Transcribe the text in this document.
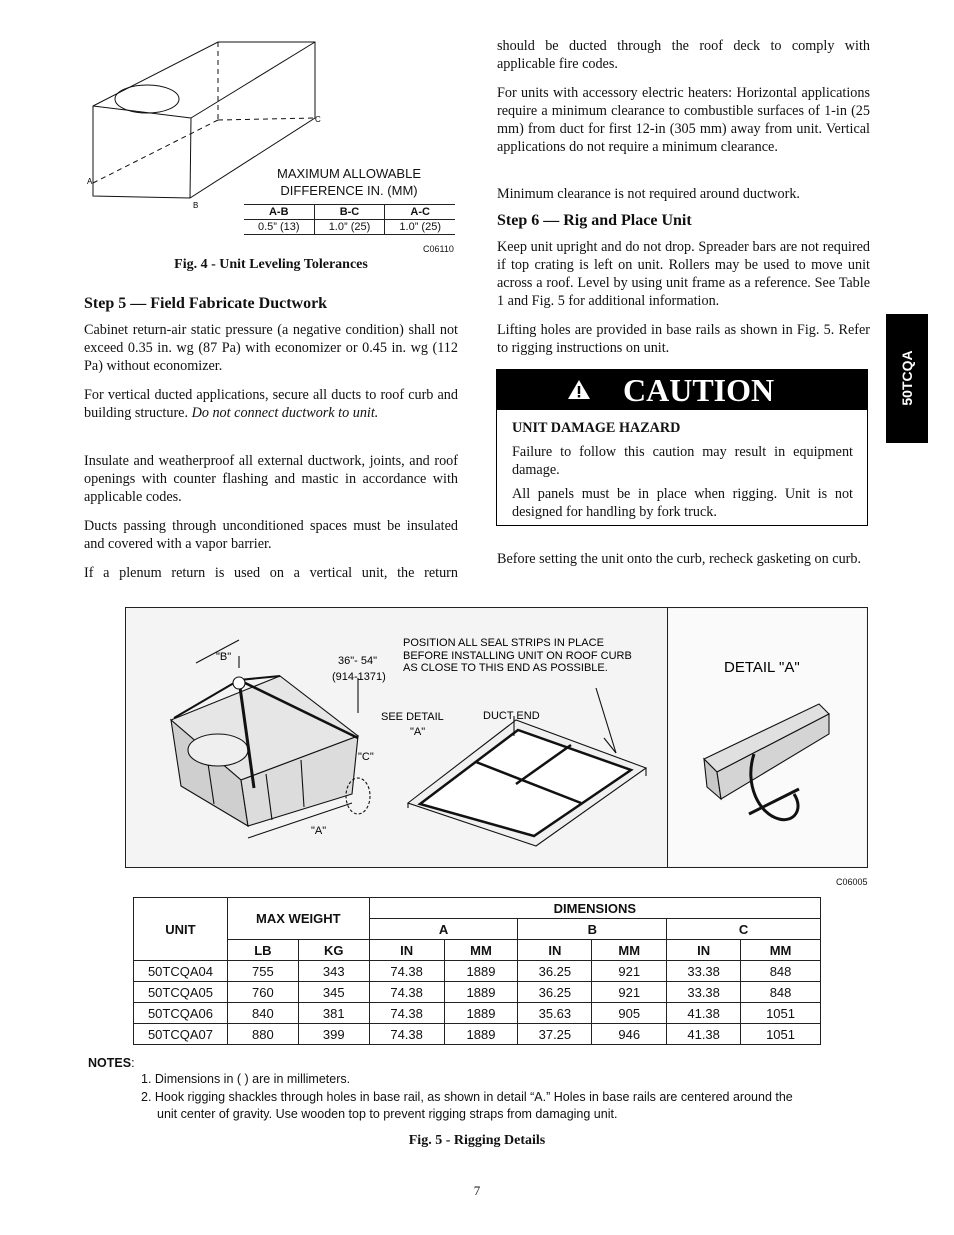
A
B
C
MAXIMUM ALLOWABLE
DIFFERENCE IN. (MM)
A-B	B-C	A-C
0.5” (13)	1.0” (25)	1.0” (25)
C06110
Fig. 4 - Unit Leveling Tolerances
Step 5 — Field Fabricate Ductwork

Cabinet return-air static pressure (a negative condition) shall not exceed 0.35 in. wg (87 Pa) with economizer or 0.45 in. wg (112 Pa) without economizer.

For vertical ducted applications, secure all ducts to roof curb and building structure. Do not connect ductwork to unit.

Insulate and weatherproof all external ductwork, joints, and roof openings with counter flashing and mastic in accordance with applicable codes.

Ducts passing through unconditioned spaces must be insulated and covered with a vapor barrier.

If a plenum return is used on a vertical unit, the return

should be ducted through the roof deck to comply with applicable fire codes.

For units with accessory electric heaters: Horizontal applications require a minimum clearance to combustible surfaces of 1-in (25 mm) from duct for first 12-in (305 mm) away from unit. Vertical applications do not require a minimum clearance.

Minimum clearance is not required around ductwork.

Step 6 — Rig and Place Unit

Keep unit upright and do not drop. Spreader bars are not required if top crating is left on unit. Rollers may be used to move unit across a roof. Level by using unit frame as a reference. See Table 1 and Fig. 5 for additional information.

Lifting holes are provided in base rails as shown in Fig. 5. Refer to rigging instructions on unit.

CAUTION
UNIT DAMAGE HAZARD

Failure to follow this caution may result in equipment damage.

All panels must be in place when rigging. Unit is not designed for handling by fork truck.

Before setting the unit onto the curb, recheck gasketing on curb.

50TCQA
"B"	36"- 54"
(914-1371)
"C"
"A"
SEE DETAIL
"A"
POSITION ALL SEAL STRIPS IN PLACE
BEFORE INSTALLING UNIT ON ROOF CURB
AS CLOSE TO THIS END AS POSSIBLE.
DUCT END
DETAIL "A"
C06005
UNIT	MAX WEIGHT		DIMENSIONS					
			A		B		C	
	LB	KG	IN	MM	IN	MM	IN	MM
50TCQA04	755	343	74.38	1889	36.25	921	33.38	848
50TCQA05	760	345	74.38	1889	36.25	921	33.38	848
50TCQA06	840	381	74.38	1889	35.63	905	41.38	1051
50TCQA07	880	399	74.38	1889	37.25	946	41.38	1051
NOTES:
1. Dimensions in ( ) are in millimeters.
2. Hook rigging shackles through holes in base rail, as shown in detail “A.” Holes in base rails are centered around the
unit center of gravity. Use wooden top to prevent rigging straps from damaging unit.
Fig. 5 - Rigging Details
7
